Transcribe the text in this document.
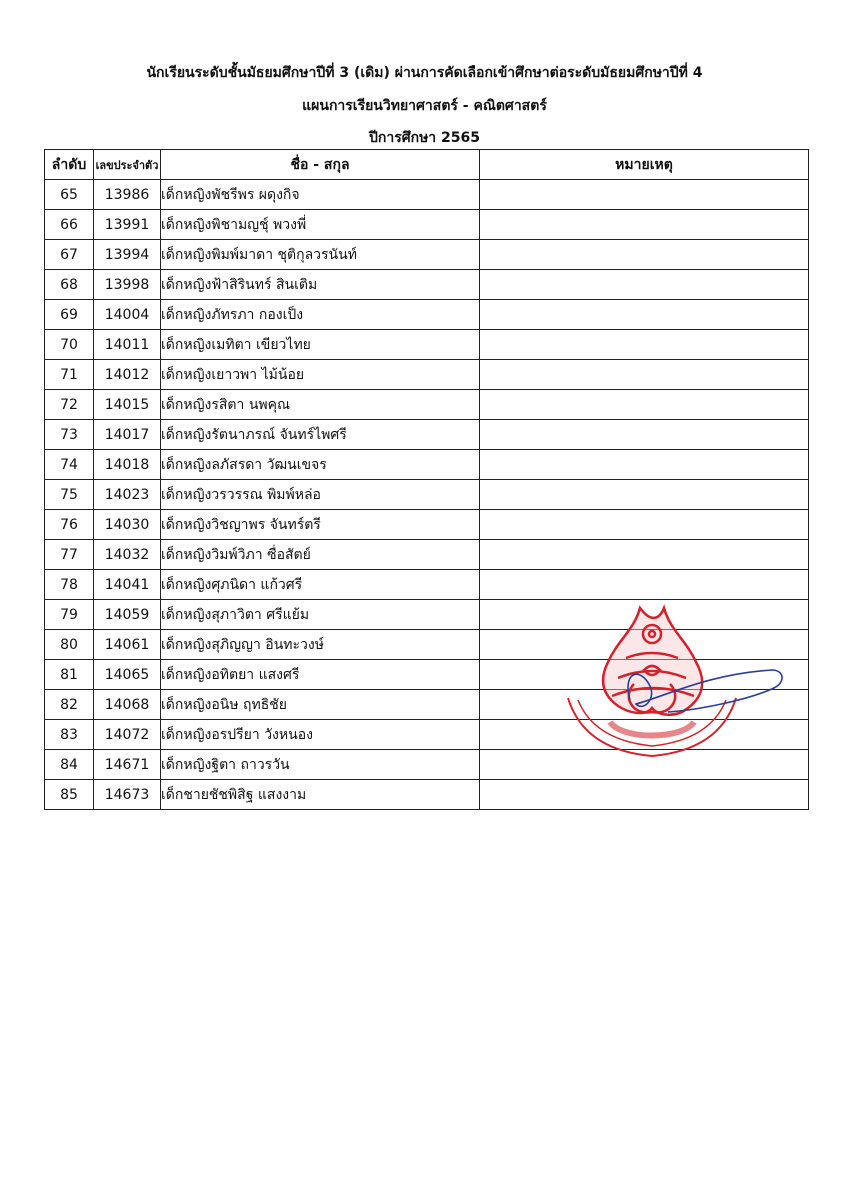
นักเรียนระดับชั้นมัธยมศึกษาปีที่ 3 (เดิม) ผ่านการคัดเลือกเข้าศึกษาต่อระดับมัธยมศึกษาปีที่ 4
แผนการเรียนวิทยาศาสตร์ - คณิตศาสตร์
ปีการศึกษา 2565
ลำดับ	เลขประจำตัว	ชื่อ - สกุล	หมายเหตุ
65	13986	เด็กหญิงพัชรีพร ผดุงกิจ	
66	13991	เด็กหญิงพิชามญชุ์ พวงพี่	
67	13994	เด็กหญิงพิมพ์มาดา ชุติกุลวรนันท์	
68	13998	เด็กหญิงฟ้าสิรินทร์ สินเติม	
69	14004	เด็กหญิงภัทรภา กองเป็ง	
70	14011	เด็กหญิงเมทิตา เขียวไทย	
71	14012	เด็กหญิงเยาวพา ไม้น้อย	
72	14015	เด็กหญิงรสิตา นพคุณ	
73	14017	เด็กหญิงรัตนาภรณ์ จันทร์ไพศรี	
74	14018	เด็กหญิงลภัสรดา วัฒนเขจร	
75	14023	เด็กหญิงวรวรรณ พิมพ์หล่อ	
76	14030	เด็กหญิงวิชญาพร จันทร์ตรี	
77	14032	เด็กหญิงวิมพ์วิภา ซื่อสัตย์	
78	14041	เด็กหญิงศุภนิดา แก้วศรี	
79	14059	เด็กหญิงสุภาวิตา ศรีแย้ม	
80	14061	เด็กหญิงสุภิญญา อินทะวงษ์	
81	14065	เด็กหญิงอทิตยา แสงศรี	
82	14068	เด็กหญิงอนิษ ฤทธิชัย	
83	14072	เด็กหญิงอรปรียา วังหนอง	
84	14671	เด็กหญิงฐิตา ถาวรวัน	
85	14673	เด็กชายชัชพิสิฐ แสงงาม	
